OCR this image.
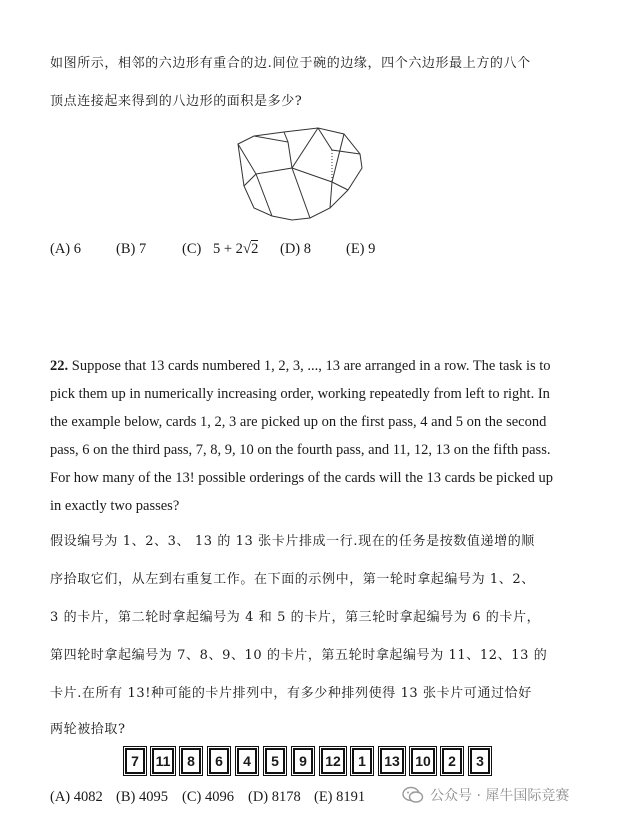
如图所示，相邻的六边形有重合的边.间位于碗的边缘，四个六边形最上方的八个
顶点连接起来得到的八边形的面积是多少?
(A) 6 (B) 7 (C) 5 + 2√2 (D) 8 (E) 9
22. Suppose that 13 cards numbered 1, 2, 3, ..., 13 are arranged in a row. The task is to
pick them up in numerically increasing order, working repeatedly from left to right. In
the example below, cards 1, 2, 3 are picked up on the first pass, 4 and 5 on the second
pass, 6 on the third pass, 7, 8, 9, 10 on the fourth pass, and 11, 12, 13 on the fifth pass.
For how many of the 13! possible orderings of the cards will the 13 cards be picked up
in exactly two passes?
假设编号为 1、2、3、 13 的 13 张卡片排成一行.现在的任务是按数值递增的顺
序拾取它们，从左到右重复工作。在下面的示例中，第一轮时拿起编号为 1、2、
3 的卡片，第二轮时拿起编号为 4 和 5 的卡片，第三轮时拿起编号为 6 的卡片，
第四轮时拿起编号为 7、8、9、10 的卡片，第五轮时拿起编号为 11、12、13 的
卡片.在所有 13!种可能的卡片排列中，有多少种排列使得 13 张卡片可通过恰好
两轮被拾取?
7	11	8	6	4	5	9	12	1	13	10	2	3
(A) 4082 (B) 4095 (C) 4096 (D) 8178 (E) 8191	公众号 · 犀牛国际竞赛
